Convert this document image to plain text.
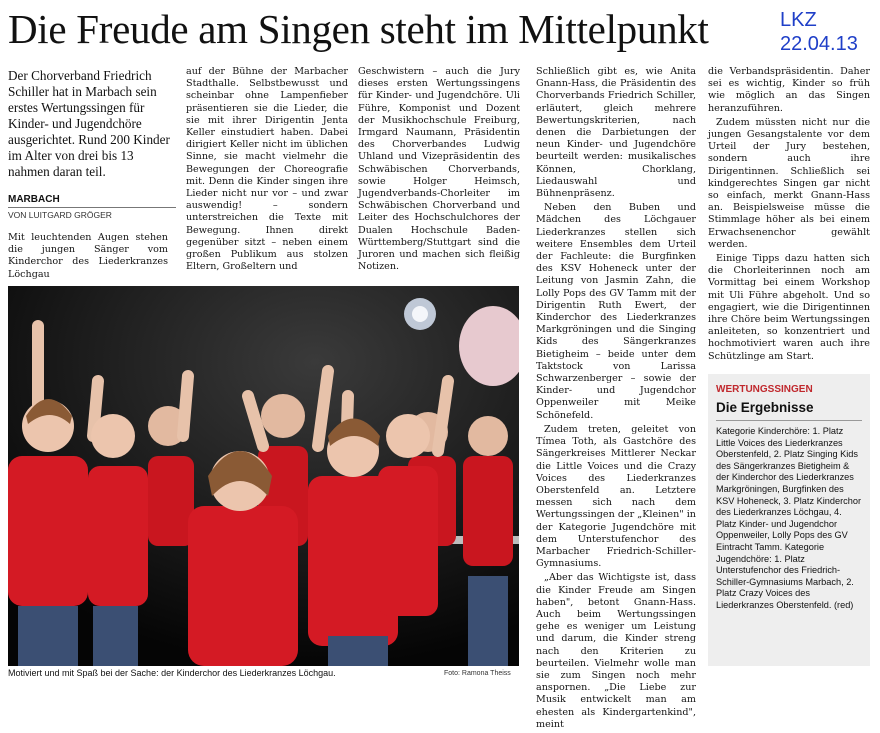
Die Freude am Singen steht im Mittelpunkt	LKZ
22.04.13
Der Chorverband Friedrich Schiller hat in Marbach sein erstes Wertungssingen für Kinder- und Jugendchöre ausgerichtet. Rund 200 Kinder im Alter von drei bis 13 nahmen daran teil.
MARBACH
VON LUITGARD GRÖGER

Mit leuchtenden Augen stehen die jungen Sänger vom Kinderchor des Liederkranzes Löchgau

auf der Bühne der Marbacher Stadthalle. Selbstbewusst und scheinbar ohne Lampenfieber präsentieren sie die Lieder, die sie mit ihrer Dirigentin Jenta Keller einstudiert haben. Dabei dirigiert Keller nicht im üblichen Sinne, sie macht vielmehr die Bewegungen der Choreografie mit. Denn die Kinder singen ihre Lieder nicht nur vor – und zwar auswendig! – sondern unterstreichen die Texte mit Bewegung. Ihnen direkt gegenüber sitzt – neben einem großen Publikum aus stolzen Eltern, Großeltern und

Geschwistern – auch die Jury dieses ersten Wertungssingens für Kinder- und Jugendchöre. Uli Führe, Komponist und Dozent der Musikhochschule Freiburg, Irmgard Naumann, Präsidentin des Chorverbandes Ludwig Uhland und Vizepräsidentin des Schwäbischen Chorverbands, sowie Holger Heimsch, Jugendverbands-Chorleiter im Schwäbischen Chorverband und Leiter des Hochschulchores der Dualen Hochschule Baden-Württemberg/Stuttgart sind die Juroren und machen sich fleißig Notizen.

Schließlich gibt es, wie Anita Gnann-Hass, die Präsidentin des Chorverbands Friedrich Schiller, erläutert, gleich mehrere Bewertungskriterien, nach denen die Darbietungen der neun Kinder- und Jugendchöre beurteilt werden: musikalisches Können, Chorklang, Liedauswahl und Bühnenpräsenz.

Neben den Buben und Mädchen des Löchgauer Liederkranzes stellen sich weitere Ensembles dem Urteil der Fachleute: die Burgfinken des KSV Hoheneck unter der Leitung von Jasmin Zahn, die Lolly Pops des GV Tamm mit der Dirigentin Ruth Ewert, der Kinderchor des Liederkranzes Markgröningen und die Singing Kids des Sängerkranzes Bietigheim – beide unter dem Taktstock von Larissa Schwarzenberger – sowie der Kinder- und Jugendchor Oppenweiler mit Meike Schönefeld.

Zudem treten, geleitet von Tímea Toth, als Gastchöre des Sängerkreises Mittlerer Neckar die Little Voices und die Crazy Voices des Liederkranzes Oberstenfeld an. Letztere messen sich nach dem Wertungssingen der „Kleinen" in der Kategorie Jugendchöre mit dem Unterstufenchor des Marbacher Friedrich-Schiller-Gymnasiums.

„Aber das Wichtigste ist, dass die Kinder Freude am Singen haben", betont Gnann-Hass. Auch beim Wertungssingen gehe es weniger um Leistung und darum, die Kinder streng nach den Kriterien zu beurteilen. Vielmehr wolle man sie zum Singen noch mehr anspornen. „Die Liebe zur Musik entwickelt man am ehesten als Kindergartenkind", meint

die Verbandspräsidentin. Daher sei es wichtig, Kinder so früh wie möglich an das Singen heranzuführen.

Zudem müssten nicht nur die jungen Gesangstalente vor dem Urteil der Jury bestehen, sondern auch ihre Dirigentinnen. Schließlich sei kindgerechtes Singen gar nicht so einfach, merkt Gnann-Hass an. Beispielsweise müsse die Stimmlage höher als bei einem Erwachsenenchor gewählt werden.

Einige Tipps dazu hatten sich die Chorleiterinnen noch am Vormittag bei einem Workshop mit Uli Führe abgeholt. Und so engagiert, wie die Dirigentinnen ihre Chöre beim Wertungssingen anleiteten, so konzentriert und hochmotiviert waren auch ihre Schützlinge am Start.

Motiviert und mit Spaß bei der Sache: der Kinderchor des Liederkranzes Löchgau.	Foto: Ramona Theiss
WERTUNGSSINGEN
Die Ergebnisse

Kategorie Kinderchöre: 1. Platz Little Voices des Liederkranzes Oberstenfeld, 2. Platz Singing Kids des Sängerkranzes Bietigheim & der Kinderchor des Liederkranzes Markgröningen, Burgfinken des KSV Hoheneck, 3. Platz Kinderchor des Liederkranzes Löchgau, 4. Platz Kinder- und Jugendchor Oppenweiler, Lolly Pops des GV Eintracht Tamm. Kategorie Jugendchöre: 1. Platz Unterstufenchor des Friedrich-Schiller-Gymnasiums Marbach, 2. Platz Crazy Voices des Liederkranzes Oberstenfeld. (red)
